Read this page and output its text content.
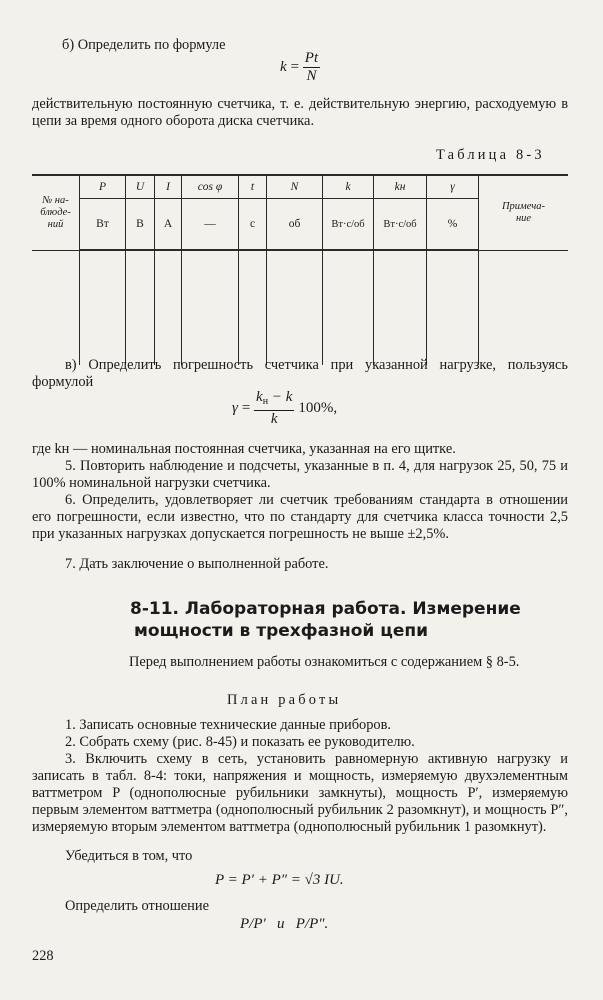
б) Определить по формуле
$k = \frac{Pt}{N}$
действительную постоянную счетчика, т. е. действительную энергию, расходуемую в цепи за время одного оборота диска счетчика.
Таблица 8-3
№ на-
блюде-
ний	P	U	I	cos φ	t	N	k	kн	γ	Примеча-
ние
	Вт	В	А	—	с	об	Вт·с/об	Вт·с/об	%	

в) Определить погрешность счетчика при указанной нагрузке, пользуясь формулой
$\gamma = \frac{k_н - k}{k} 100\%$,
где kн — номинальная постоянная счетчика, указанная на его щитке.
5. Повторить наблюдение и подсчеты, указанные в п. 4, для нагрузок 25, 50, 75 и 100% номинальной нагрузки счетчика.
6. Определить, удовлетворяет ли счетчик требованиям стандарта в отношении его погрешности, если известно, что по стандарту для счетчика класса точности 2,5 при указанных нагрузках допускается погрешность не выше ±2,5%.
7. Дать заключение о выполненной работе.
8-11. Лабораторная работа. Измерение
мощности в трехфазной цепи
Перед выполнением работы ознакомиться с содержанием § 8-5.
План работы
1. Записать основные технические данные приборов.
2. Собрать схему (рис. 8-45) и показать ее руководителю.
3. Включить схему в сеть, установить равномерную активную нагрузку и записать в табл. 8-4: токи, напряжения и мощность, измеряемую двухэлементным ваттметром P (однополюсные рубильники замкнуты), мощность P′, измеряемую первым элементом ваттметра (однополюсный рубильник 2 разомкнут), и мощность P″, измеряемую вторым элементом ваттметра (однополюсный рубильник 1 разомкнут).
Убедиться в том, что
P = P′ + P″ = √3 IU.
Определить отношение
P/P′   и   P/P″.
228
